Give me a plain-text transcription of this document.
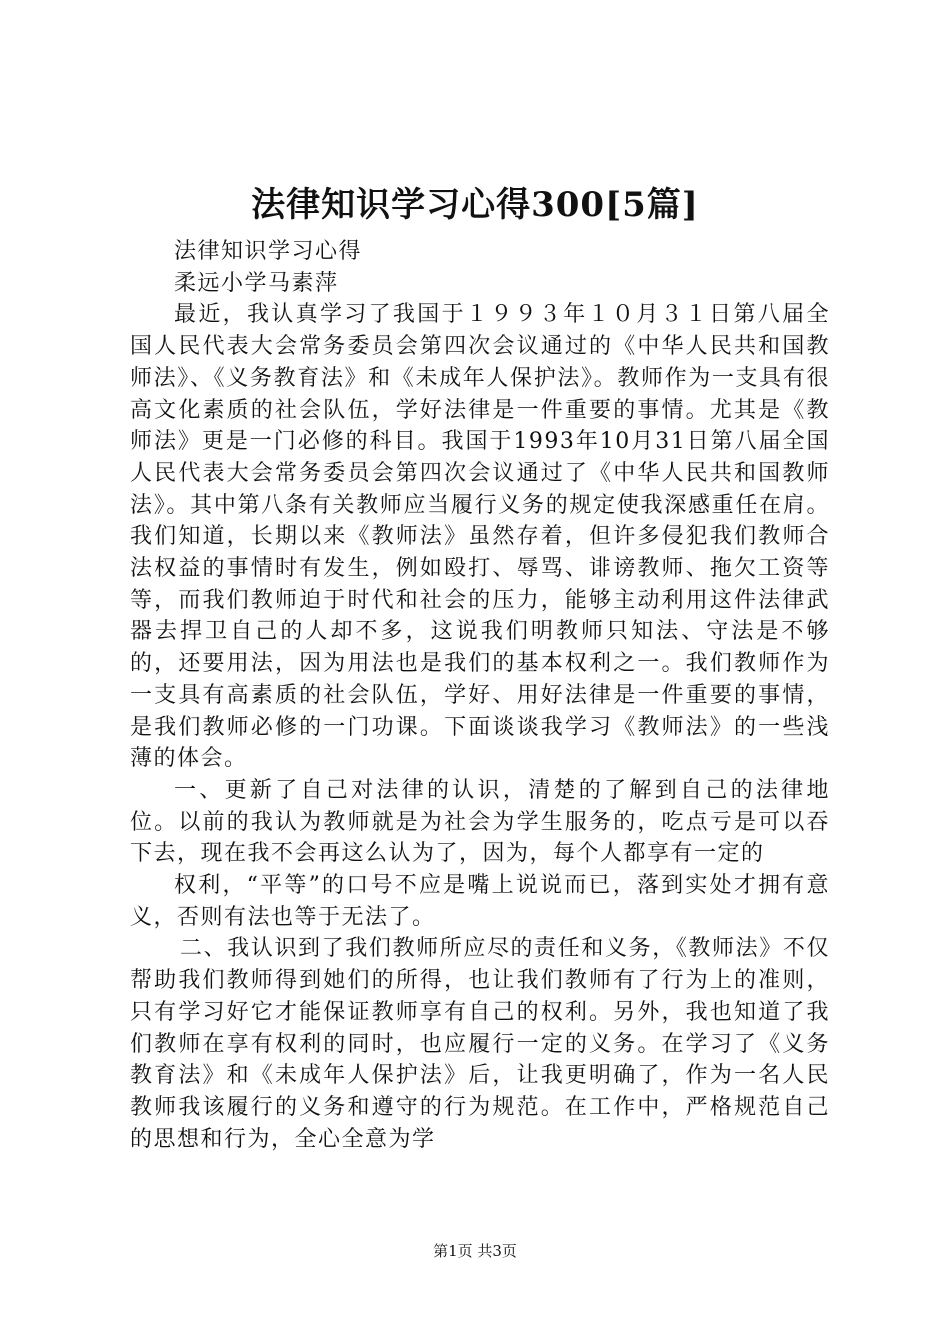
法律知识学习心得300[5篇]

法律知识学习心得

柔远小学马素萍

最近，我认真学习了我国于１９９３年１０月３１日第八届全国人民代表大会常务委员会第四次会议通过的《中华人民共和国教师法》、《义务教育法》和《未成年人保护法》。教师作为一支具有很高文化素质的社会队伍，学好法律是一件重要的事情。尤其是《教师法》更是一门必修的科目。我国于1993年10月31日第八届全国人民代表大会常务委员会第四次会议通过了《中华人民共和国教师法》。其中第八条有关教师应当履行义务的规定使我深感重任在肩。我们知道，长期以来《教师法》虽然存着，但许多侵犯我们教师合法权益的事情时有发生，例如殴打、辱骂、诽谤教师、拖欠工资等等，而我们教师迫于时代和社会的压力，能够主动利用这件法律武器去捍卫自己的人却不多，这说我们明教师只知法、守法是不够的，还要用法，因为用法也是我们的基本权利之一。我们教师作为一支具有高素质的社会队伍，学好、用好法律是一件重要的事情，是我们教师必修的一门功课。下面谈谈我学习《教师法》的一些浅薄的体会。

一、更新了自己对法律的认识，清楚的了解到自己的法律地位。以前的我认为教师就是为社会为学生服务的，吃点亏是可以吞下去，现在我不会再这么认为了，因为，每个人都享有一定的

权利，“平等”的口号不应是嘴上说说而已，落到实处才拥有意义，否则有法也等于无法了。

二、我认识到了我们教师所应尽的责任和义务，《教师法》不仅帮助我们教师得到她们的所得，也让我们教师有了行为上的准则，只有学习好它才能保证教师享有自己的权利。另外，我也知道了我们教师在享有权利的同时，也应履行一定的义务。在学习了《义务教育法》和《未成年人保护法》后，让我更明确了，作为一名人民教师我该履行的义务和遵守的行为规范。在工作中，严格规范自己的思想和行为，全心全意为学

第1页 共3页
